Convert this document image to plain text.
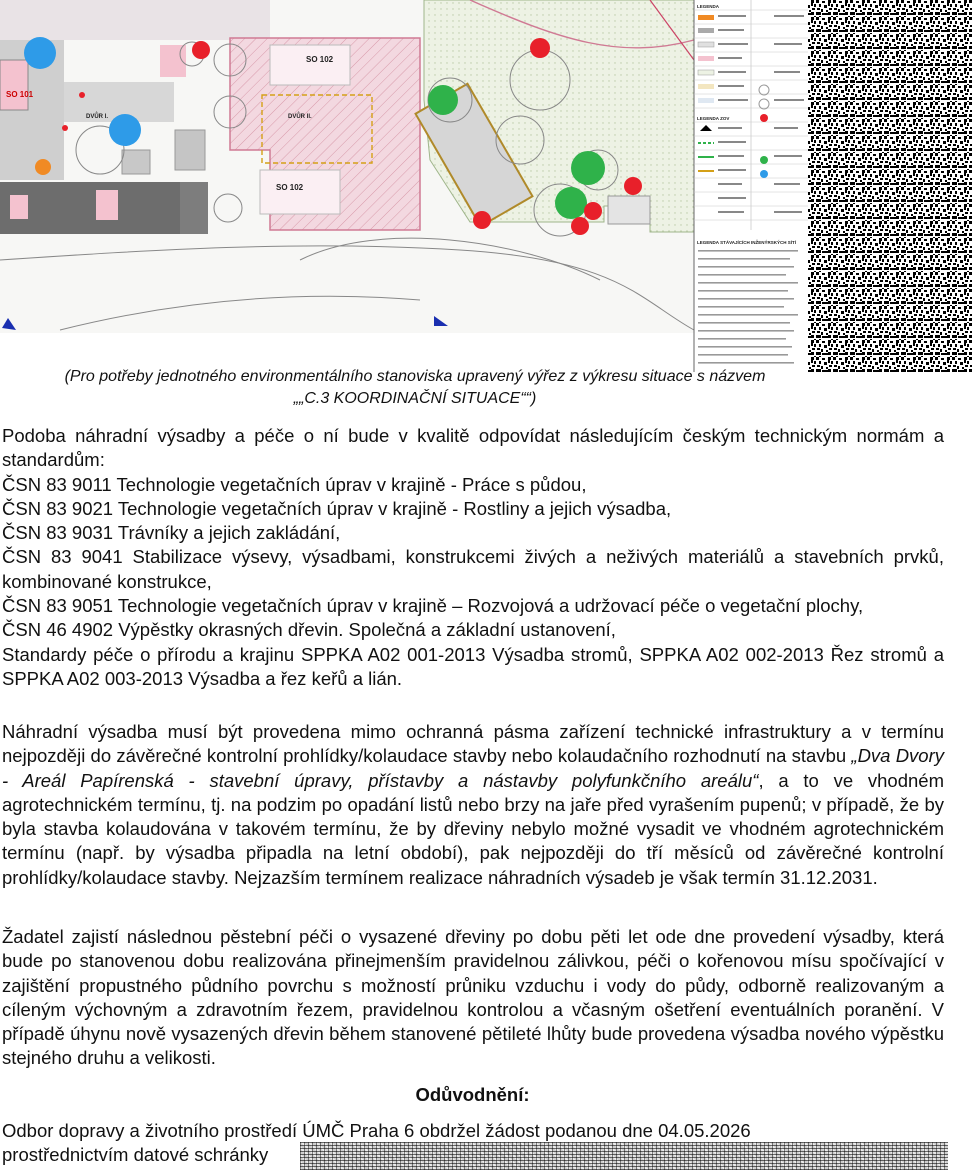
SO 101
SO 102
SO 102
DVŮR I.	DVŮR II.
LEGENDA
LEGENDA ZOV
LEGENDA STÁVAJÍCÍCH INŽENÝRSKÝCH SÍTÍ
(Pro potřeby jednotného environmentálního stanoviska upravený výřez z výkresu situace s názvem
„„C.3 KOORDINAČNÍ SITUACE““)
Podoba náhradní výsadby a péče o ní bude v kvalitě odpovídat následujícím českým technickým normám a standardům:
ČSN 83 9011 Technologie vegetačních úprav v krajině - Práce s půdou,
ČSN 83 9021 Technologie vegetačních úprav v krajině - Rostliny a jejich výsadba,
ČSN 83 9031 Trávníky a jejich zakládání,
ČSN 83 9041 Stabilizace výsevy, výsadbami, konstrukcemi živých a neživých materiálů a stavebních prvků, kombinované konstrukce,
ČSN 83 9051 Technologie vegetačních úprav v krajině – Rozvojová a udržovací péče o vegetační plochy,
ČSN 46 4902 Výpěstky okrasných dřevin. Společná a základní ustanovení,
Standardy péče o přírodu a krajinu SPPKA A02 001-2013 Výsadba stromů, SPPKA A02 002-2013 Řez stromů a SPPKA A02 003-2013 Výsadba a řez keřů a lián.
Náhradní výsadba musí být provedena mimo ochranná pásma zařízení technické infrastruktury a v termínu nejpozději do závěrečné kontrolní prohlídky/kolaudace stavby nebo kolaudačního rozhodnutí na stavbu „Dva Dvory - Areál Papírenská - stavební úpravy, přístavby a nástavby polyfunkčního areálu“, a to ve vhodném agrotechnickém termínu, tj. na podzim po opadání listů nebo brzy na jaře před vyrašením pupenů; v případě, že by byla stavba kolaudována v takovém termínu, že by dřeviny nebylo možné vysadit ve vhodném agrotechnickém termínu (např. by výsadba připadla na letní období), pak nejpozději do tří měsíců od závěrečné kontrolní prohlídky/kolaudace stavby. Nejzazším termínem realizace náhradních výsadeb je však termín 31.12.2031.
Žadatel zajistí následnou pěstební péči o vysazené dřeviny po dobu pěti let ode dne provedení výsadby, která bude po stanovenou dobu realizována přinejmenším pravidelnou zálivkou, péči o kořenovou mísu spočívající v zajištění propustného půdního povrchu s možností průniku vzduchu i vody do půdy, odborně realizovaným a cíleným výchovným a zdravotním řezem, pravidelnou kontrolou a včasným ošetření eventuálních poranění. V případě úhynu nově vysazených dřevin během stanovené pětileté lhůty bude provedena výsadba nového výpěstku stejného druhu a velikosti.
Odůvodnění:
Odbor dopravy a životního prostředí ÚMČ Praha 6 obdržel žádost podanou dne 04.05.2026
prostřednictvím datové schránky
